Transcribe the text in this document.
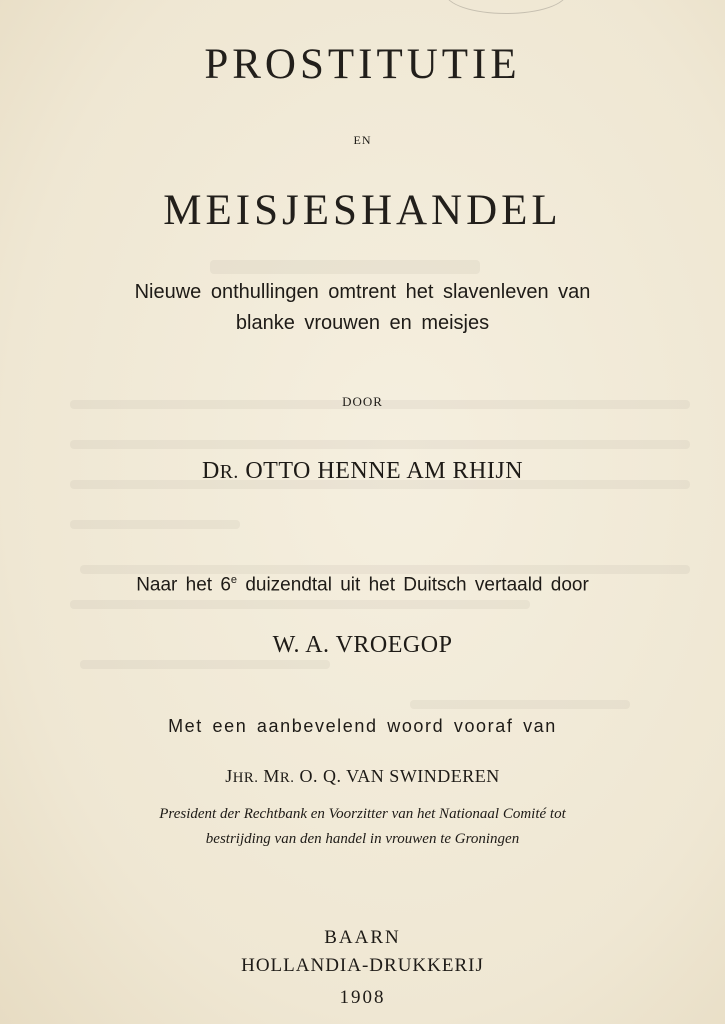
PROSTITUTIE
EN
MEISJESHANDEL
Nieuwe onthullingen omtrent het slavenleven van
blanke vrouwen en meisjes
DOOR
DR. OTTO HENNE AM RHIJN
Naar het 6e duizendtal uit het Duitsch vertaald door
W. A. VROEGOP
Met een aanbevelend woord vooraf van
JHR. MR. O. Q. VAN SWINDEREN
President der Rechtbank en Voorzitter van het Nationaal Comité tot
bestrijding van den handel in vrouwen te Groningen
BAARN
HOLLANDIA-DRUKKERIJ
1908
